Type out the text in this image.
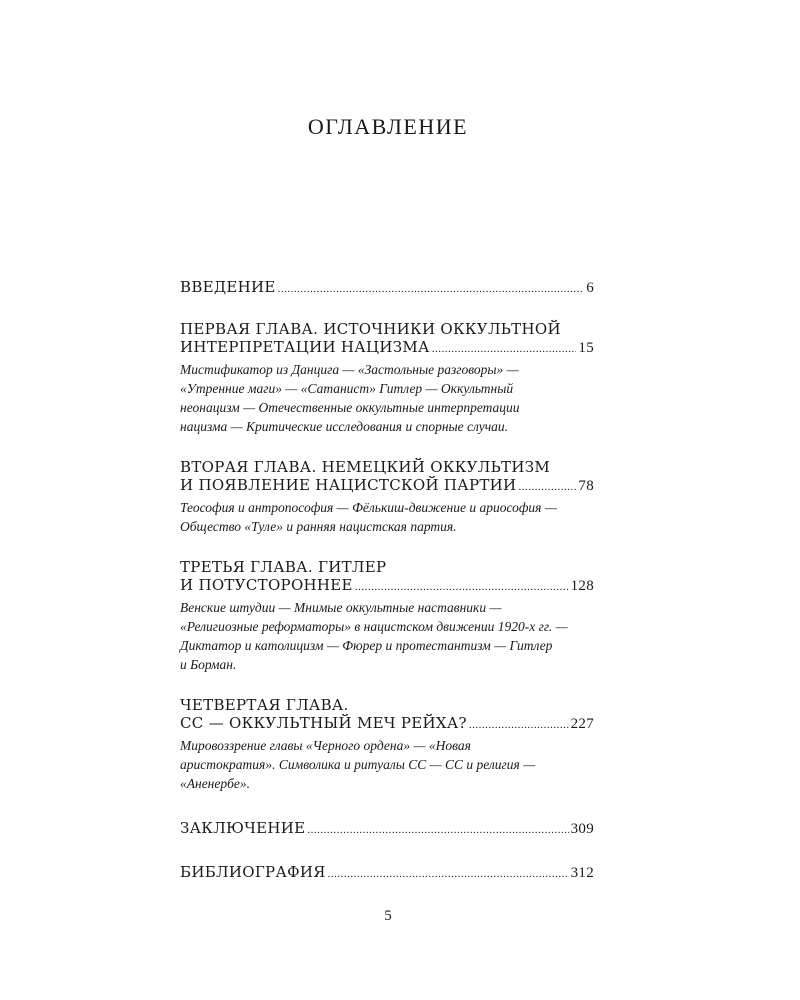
ОГЛАВЛЕНИЕ
ВВЕДЕНИЕ .....	6
ПЕРВАЯ ГЛАВА. ИСТОЧНИКИ ОККУЛЬТНОЙ
ИНТЕРПРЕТАЦИИ НАЦИЗМА .....	15
Мистификатор из Данцига — «Застольные разговоры» —
«Утренние маги» — «Сатанист» Гитлер — Оккультный
неонацизм — Отечественные оккультные интерпретации
нацизма — Критические исследования и спорные случаи.
ВТОРАЯ ГЛАВА. НЕМЕЦКИЙ ОККУЛЬТИЗМ
И ПОЯВЛЕНИЕ НАЦИСТСКОЙ ПАРТИИ .....	78
Теософия и антропософия — Фёлькиш-движение и ариософия —
Общество «Туле» и ранняя нацистская партия.
ТРЕТЬЯ ГЛАВА. ГИТЛЕР
И ПОТУСТОРОННЕЕ .....	128
Венские штудии — Мнимые оккультные наставники —
«Религиозные реформаторы» в нацистском движении 1920-х гг. —
Диктатор и католицизм — Фюрер и протестантизм — Гитлер
и Борман.
ЧЕТВЕРТАЯ ГЛАВА.
СС — ОККУЛЬТНЫЙ МЕЧ РЕЙХА? .....	227
Мировоззрение главы «Черного ордена» — «Новая
аристократия». Символика и ритуалы СС — СС и религия —
«Аненербе».
ЗАКЛЮЧЕНИЕ .....	309
БИБЛИОГРАФИЯ .....	312
5
